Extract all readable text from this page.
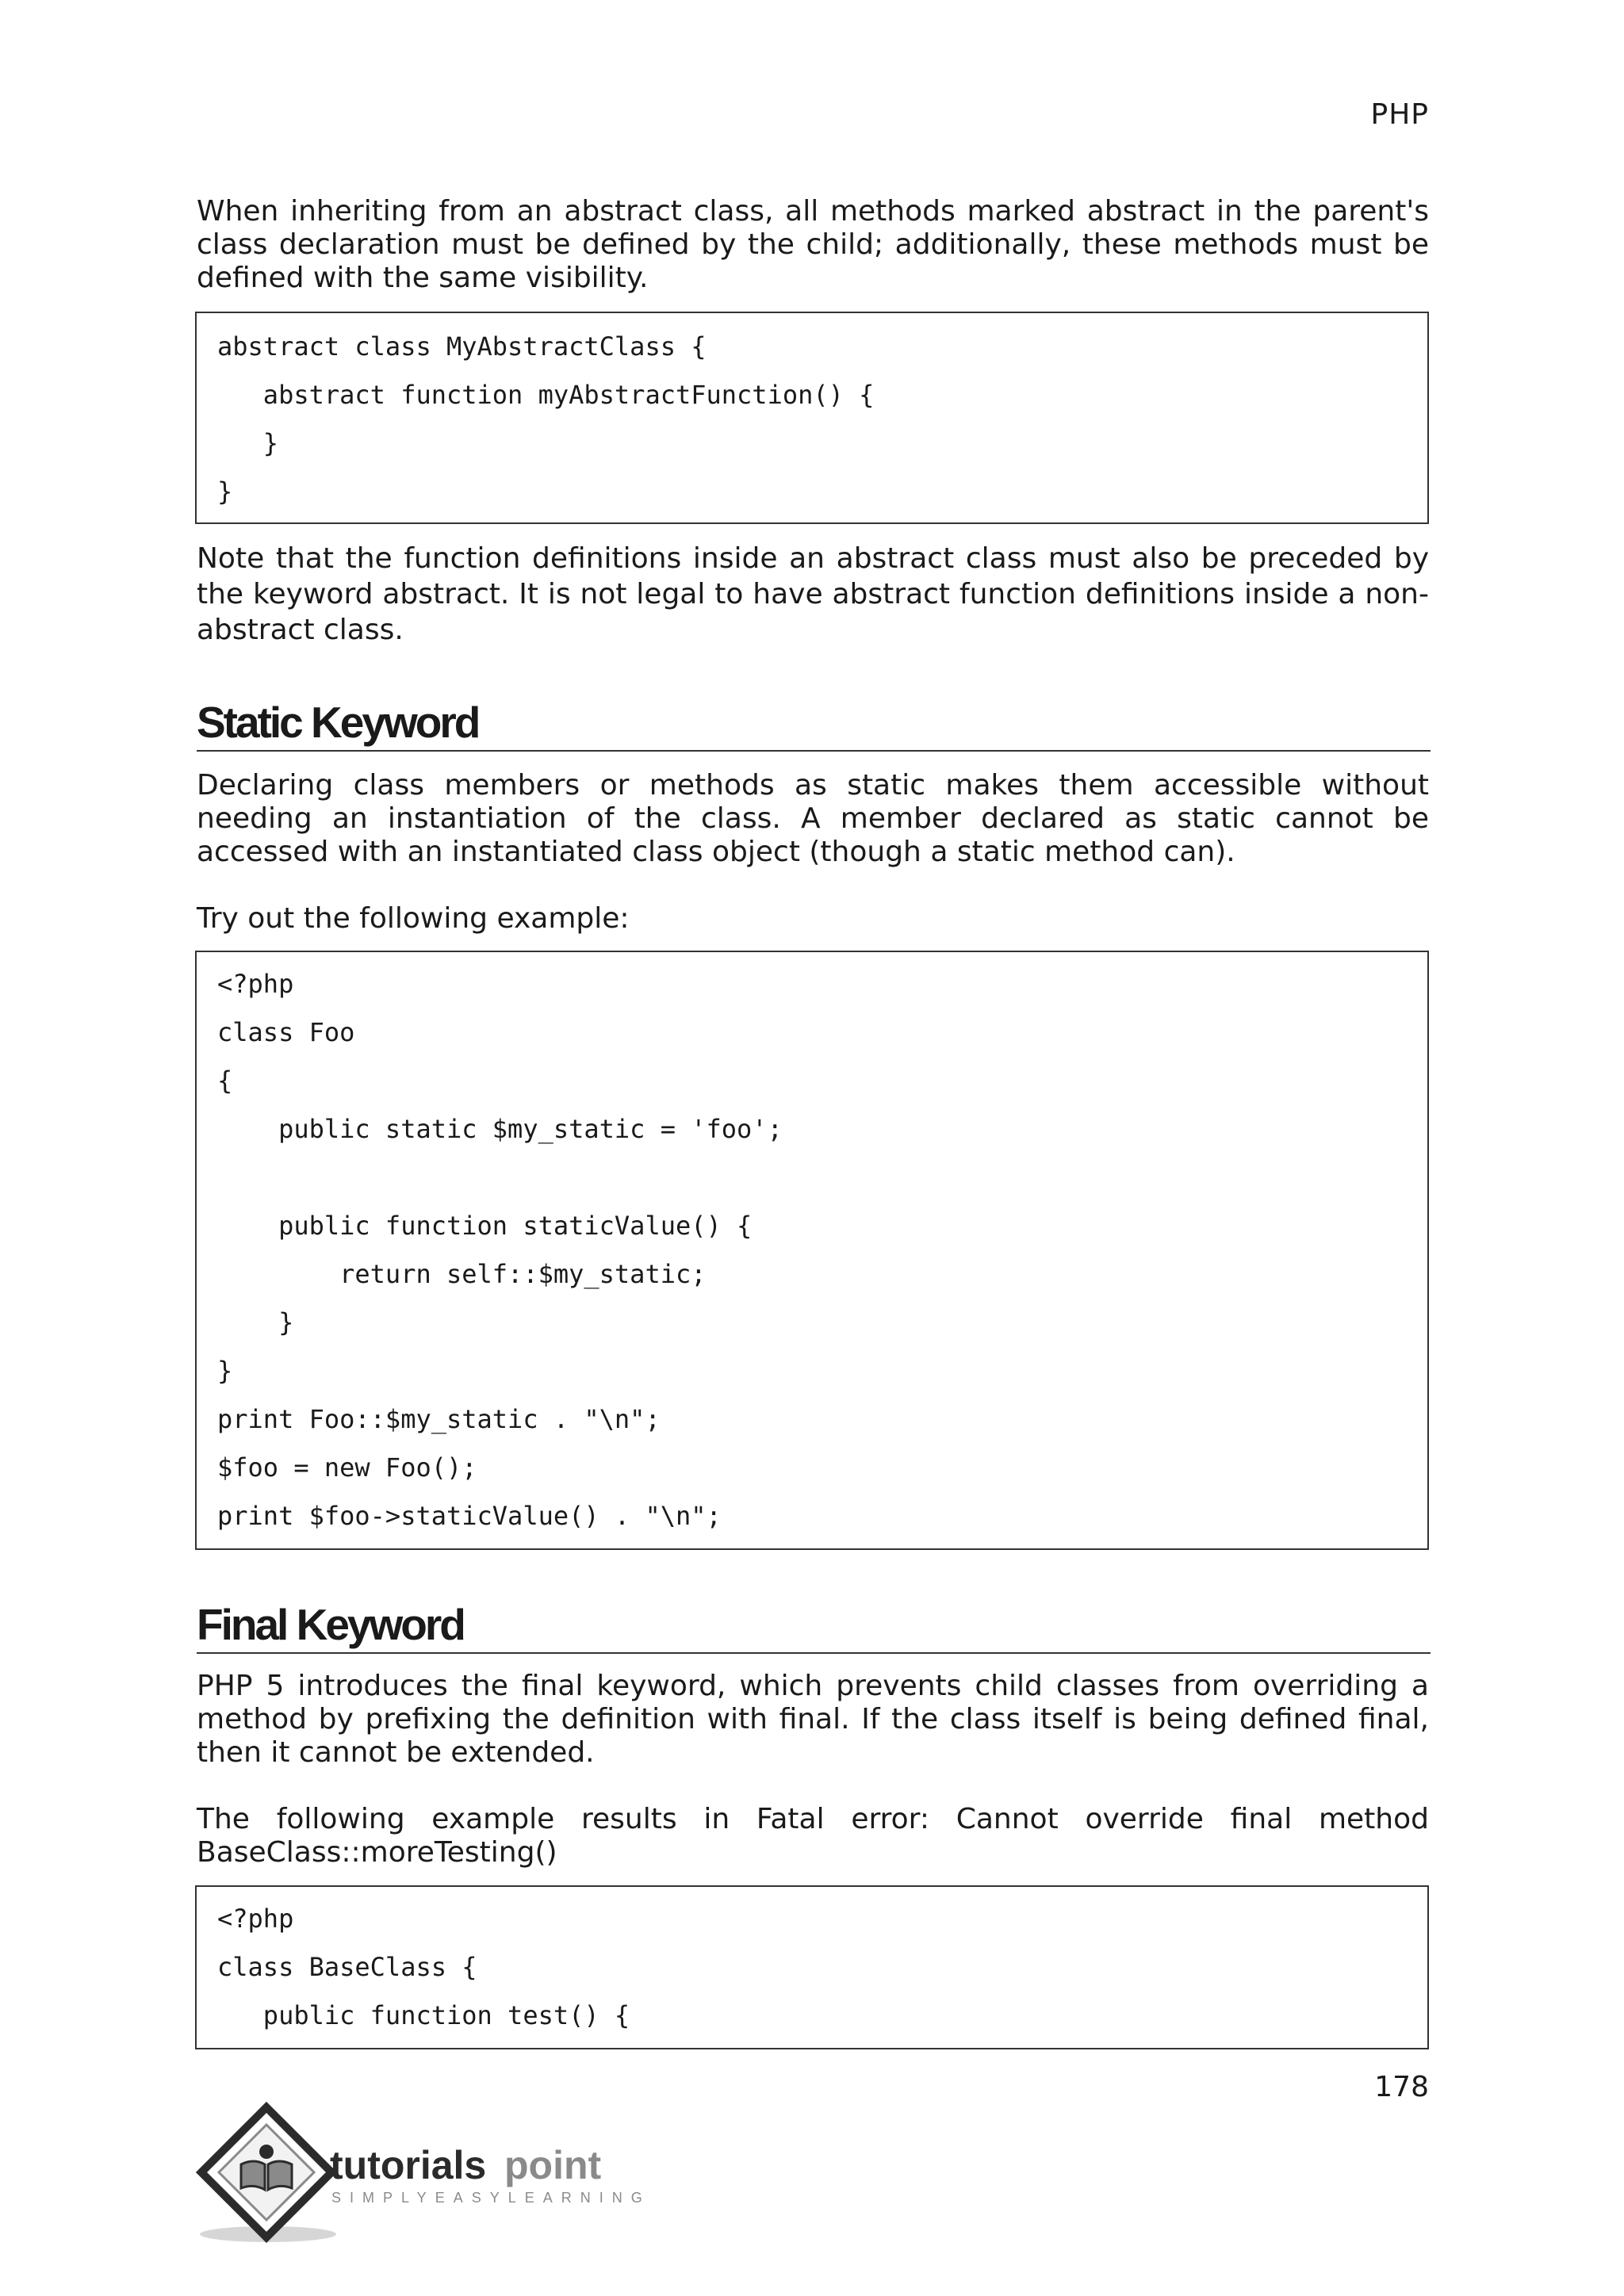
PHP

When inheriting from an abstract class, all methods marked abstract in the parent's class declaration must be defined by the child; additionally, these methods must be defined with the same visibility.

abstract class MyAbstractClass {
abstract function myAbstractFunction() {
}
}

Note that the function definitions inside an abstract class must also be preceded by the keyword abstract. It is not legal to have abstract function definitions inside a non-abstract class.

Static Keyword

Declaring class members or methods as static makes them accessible without needing an instantiation of the class. A member declared as static cannot be accessed with an instantiated class object (though a static method can).

Try out the following example:

<?php
class Foo
{
public static $my_static = 'foo';
public function staticValue() {
return self::$my_static;
}
}
print Foo::$my_static . "\n";
$foo = new Foo();
print $foo->staticValue() . "\n";
Final Keyword

PHP 5 introduces the final keyword, which prevents child classes from overriding a method by prefixing the definition with final. If the class itself is being defined final, then it cannot be extended.

The following example results in Fatal error: Cannot override final method BaseClass::moreTesting()

<?php
class BaseClass {
public function test() {
178
tutorials point
SIMPLYEASYLEARNING
